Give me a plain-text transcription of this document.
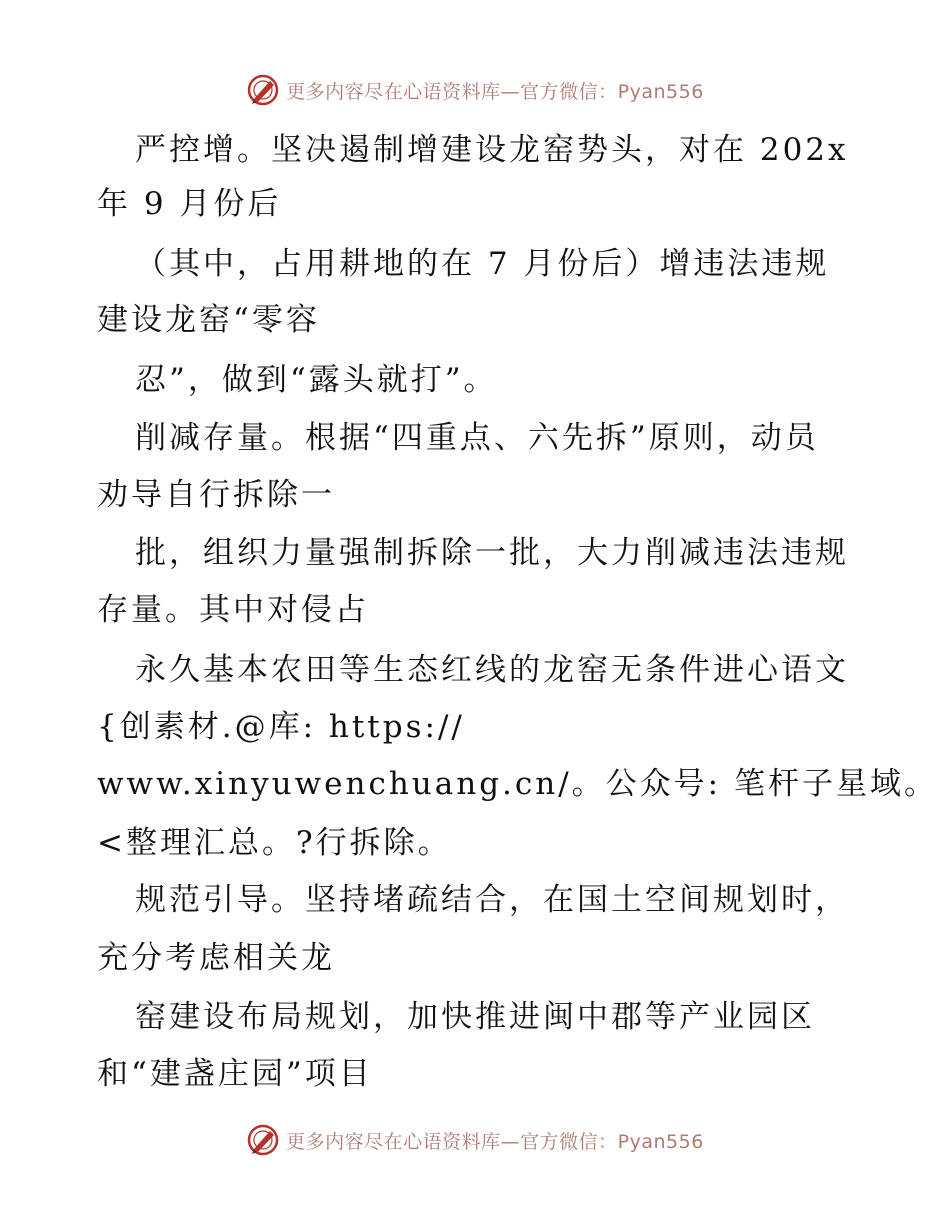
更多内容尽在心语资料库—官方微信：Pyan556
严控增。坚决遏制增建设龙窑势头，对在 202x
年 9 月份后
（其中，占用耕地的在 7 月份后）增违法违规
建设龙窑“零容
忍”，做到“露头就打”。
削减存量。根据“四重点、六先拆”原则，动员
劝导自行拆除一
批，组织力量强制拆除一批，大力削减违法违规
存量。其中对侵占
永久基本农田等生态红线的龙窑无条件进心语文
{创素材.@库: https://
www.xinyuwenchuang.cn/。公众号: 笔杆子星域。
<整理汇总。?行拆除。
规范引导。坚持堵疏结合，在国土空间规划时，
充分考虑相关龙
窑建设布局规划，加快推进闽中郡等产业园区
和“建盏庄园”项目
更多内容尽在心语资料库—官方微信：Pyan556
